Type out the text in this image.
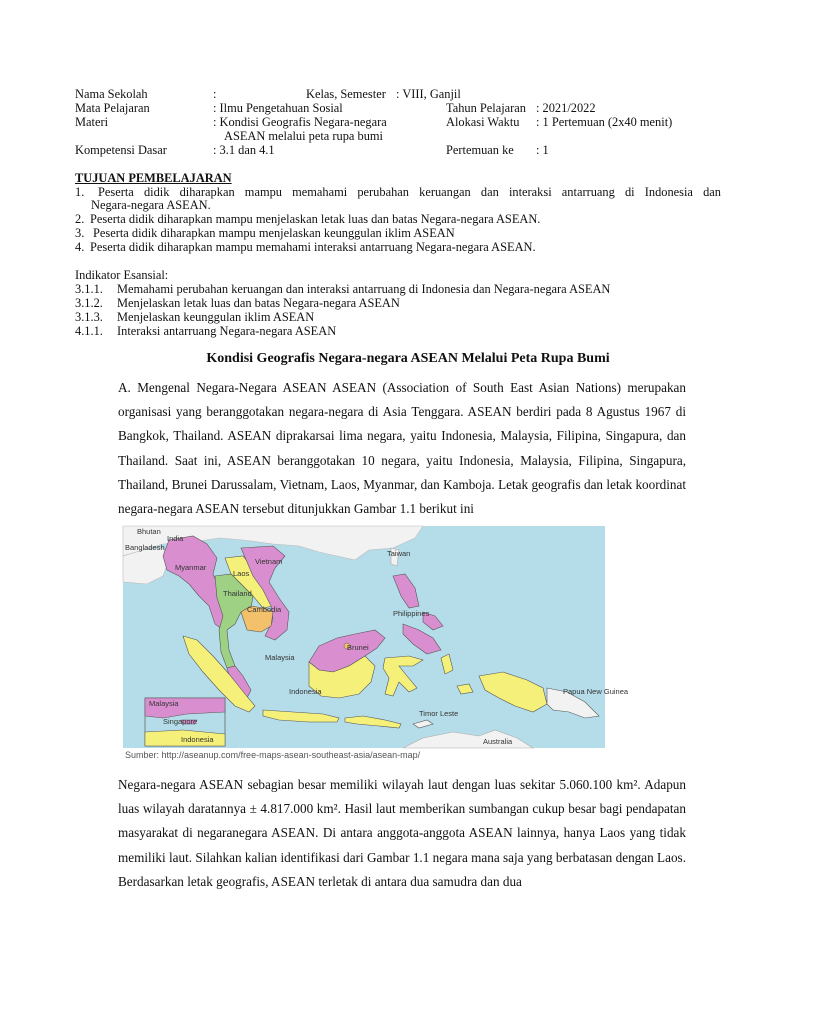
Nama Sekolah	:	Kelas, Semester : VIII, Ganjil
Mata Pelajaran	: Ilmu Pengetahuan Sosial	Tahun Pelajaran : 2021/2022
Materi	: Kondisi Geografis Negara-negara	Alokasi Waktu : 1 Pertemuan (2x40 menit)
ASEAN melalui peta rupa bumi
Kompetensi Dasar	: 3.1 dan 4.1	Pertemuan ke : 1
TUJUAN PEMBELAJARAN
1. Peserta didik diharapkan mampu memahami perubahan keruangan dan interaksi antarruang di Indonesia dan
Negara-negara ASEAN.
2. Peserta didik diharapkan mampu menjelaskan letak luas dan batas Negara-negara ASEAN.
3. Peserta didik diharapkan mampu menjelaskan keunggulan iklim ASEAN
4. Peserta didik diharapkan mampu memahami interaksi antarruang Negara-negara ASEAN.
Indikator Esansial:
3.1.1. Memahami perubahan keruangan dan interaksi antarruang di Indonesia dan Negara-negara ASEAN
3.1.2. Menjelaskan letak luas dan batas Negara-negara ASEAN
3.1.3. Menjelaskan keunggulan iklim ASEAN
4.1.1. Interaksi antarruang Negara-negara ASEAN
Kondisi Geografis Negara-negara ASEAN Melalui Peta Rupa Bumi
A. Mengenal Negara-Negara ASEAN ASEAN (Association of South East Asian Nations) merupakan organisasi yang beranggotakan negara-negara di Asia Tenggara. ASEAN berdiri pada 8 Agustus 1967 di Bangkok, Thailand. ASEAN diprakarsai lima negara, yaitu Indonesia, Malaysia, Filipina, Singapura, dan Thailand. Saat ini, ASEAN beranggotakan 10 negara, yaitu Indonesia, Malaysia, Filipina, Singapura, Thailand, Brunei Darussalam, Vietnam, Laos, Myanmar, dan Kamboja. Letak geografis dan letak koordinat negara-negara ASEAN tersebut ditunjukkan Gambar 1.1 berikut ini
Bhutan
India
Bangladesh
Myanmar
Vietnam
Laos
Taiwan
Thailand
Cambodia	Philippines
Malaysia
Brunei
Indonesia	Papua New Guinea
Timor Leste
Australia
Malaysia
Singapore
Indonesia
Sumber: http://aseanup.com/free-maps-asean-southeast-asia/asean-map/
Negara-negara ASEAN sebagian besar memiliki wilayah laut dengan luas sekitar 5.060.100 km². Adapun luas wilayah daratannya ± 4.817.000 km². Hasil laut memberikan sumbangan cukup besar bagi pendapatan masyarakat di negaranegara ASEAN. Di antara anggota-anggota ASEAN lainnya, hanya Laos yang tidak memiliki laut. Silahkan kalian identifikasi dari Gambar 1.1 negara mana saja yang berbatasan dengan Laos. Berdasarkan letak geografis, ASEAN terletak di antara dua samudra dan dua
